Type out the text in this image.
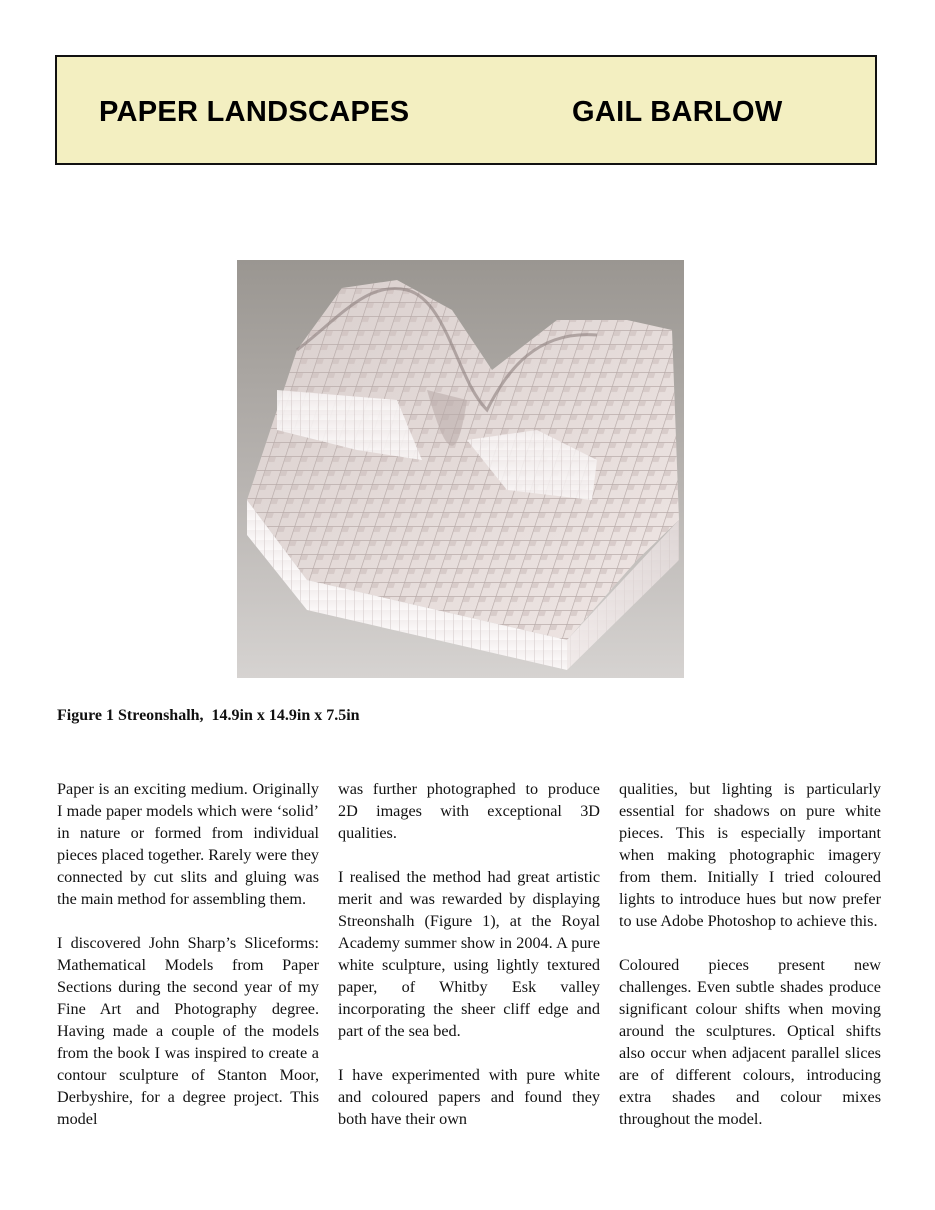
PAPER LANDSCAPES	GAIL BARLOW

Figure 1 Streonshalh,  14.9in x 14.9in x 7.5in

Paper is an exciting medium. Originally I made paper models which were ‘solid’ in nature or formed from individual pieces placed together. Rarely were they connected by cut slits and gluing was the main method for assembling them.

I discovered John Sharp’s Sliceforms: Mathematical Models from Paper Sections during the second year of my Fine Art and Photography degree. Having made a couple of the models from the book I was inspired to create a contour sculpture of Stanton Moor, Derbyshire, for a degree project. This model

was further photographed to produce 2D images with exceptional 3D qualities.

I realised the method had great artistic merit and was rewarded by displaying Streonshalh (Figure 1), at the Royal Academy summer show in 2004. A pure white sculpture, using lightly textured paper, of Whitby Esk valley incorporating the sheer cliff edge and part of the sea bed.

I have experimented with pure white and coloured papers and found they both have their own

qualities, but lighting is particularly essential for shadows on pure white pieces. This is especially important when making photographic imagery from them. Initially I tried coloured lights to introduce hues but now prefer to use Adobe Photoshop to achieve this.

Coloured pieces present new challenges. Even subtle shades produce significant colour shifts when moving around the sculptures. Optical shifts also occur when adjacent parallel slices are of different colours, introducing extra shades and colour mixes throughout the model.
